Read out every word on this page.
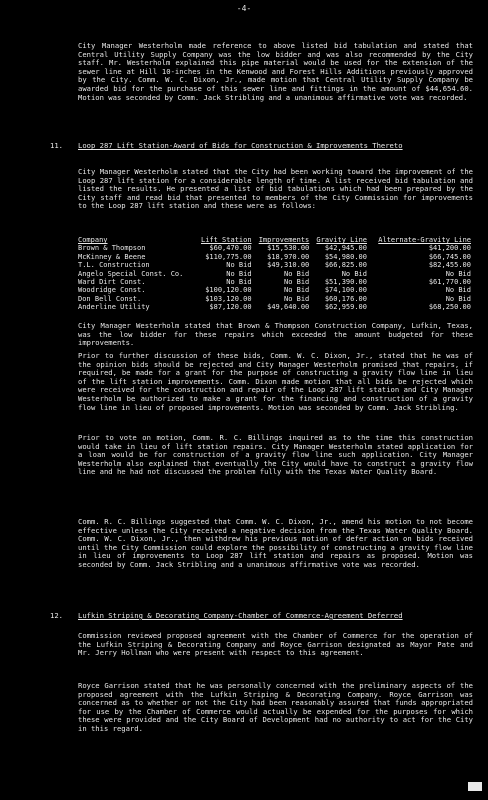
-4-

City Manager Westerholm made reference to above listed bid tabulation and stated that Central Utility Supply Company was the low bidder and was also recommended by the City staff. Mr. Westerholm explained this pipe material would be used for the extension of the sewer line at Hill 10-inches in the Kenwood and Forest Hills Additions previously approved by the City. Comm. W. C. Dixon, Jr., made motion that Central Utility Supply Company be awarded bid for the purchase of this sewer line and fittings in the amount of $44,654.60. Motion was seconded by Comm. Jack Stribling and a unanimous affirmative vote was recorded.

11.	Loop 287 Lift Station-Award of Bids for Construction & Improvements Thereto

City Manager Westerholm stated that the City had been working toward the improvement of the Loop 287 lift station for a considerable length of time. A list received bid tabulation and listed the results. He presented a list of bid tabulations which had been prepared by the City staff and read bid that presented to members of the City Commission for improvements to the Loop 287 lift station and these were as follows:

Company	Lift Station	Improvements	Gravity Line	Alternate-Gravity Line
Brown & Thompson	$60,470.00	$15,530.00	$42,945.00	$41,200.00
McKinney & Beene	$110,775.00	$18,970.00	$54,980.00	$66,745.00
T.L. Construction	No Bid	$49,310.00	$66,825.00	$82,455.00
Angelo Special Const. Co.	No Bid	No Bid	No Bid	No Bid
Ward Dirt Const.	No Bid	No Bid	$51,390.00	$61,770.00
Woodridge Const.	$100,120.00	No Bid	$74,100.00	No Bid
Don Bell Const.	$103,120.00	No Bid	$60,176.00	No Bid
Anderline Utility	$87,120.00	$49,640.00	$62,959.00	$68,250.00

City Manager Westerholm stated that Brown & Thompson Construction Company, Lufkin, Texas, was the low bidder for these repairs which exceeded the amount budgeted for these improvements.

Prior to further discussion of these bids, Comm. W. C. Dixon, Jr., stated that he was of the opinion bids should be rejected and City Manager Westerholm promised that repairs, if required, be made for a grant for the purpose of constructing a gravity flow line in lieu of the lift station improvements. Comm. Dixon made motion that all bids be rejected which were received for the construction and repair of the Loop 287 lift station and City Manager Westerholm be authorized to make a grant for the financing and construction of a gravity flow line in lieu of proposed improvements. Motion was seconded by Comm. Jack Stribling.

Prior to vote on motion, Comm. R. C. Billings inquired as to the time this construction would take in lieu of lift station repairs. City Manager Westerholm stated application for a loan would be for construction of a gravity flow line such application. City Manager Westerholm also explained that eventually the City would have to construct a gravity flow line and he had not discussed the problem fully with the Texas Water Quality Board.

Comm. R. C. Billings suggested that Comm. W. C. Dixon, Jr., amend his motion to not become effective unless the City received a negative decision from the Texas Water Quality Board. Comm. W. C. Dixon, Jr., then withdrew his previous motion of defer action on bids received until the City Commission could explore the possibility of constructing a gravity flow line in lieu of improvements to Loop 287 lift station and repairs as proposed. Motion was seconded by Comm. Jack Stribling and a unanimous affirmative vote was recorded.

12.	Lufkin Striping & Decorating Company-Chamber of Commerce-Agreement Deferred

Commission reviewed proposed agreement with the Chamber of Commerce for the operation of the Lufkin Striping & Decorating Company and Royce Garrison designated as Mayor Pate and Mr. Jerry Hollman who were present with respect to this agreement.

Royce Garrison stated that he was personally concerned with the preliminary aspects of the proposed agreement with the Lufkin Striping & Decorating Company. Royce Garrison was concerned as to whether or not the City had been reasonably assured that funds appropriated for use by the Chamber of Commerce would actually be expended for the purposes for which these were provided and the City Board of Development had no authority to act for the City in this regard.
